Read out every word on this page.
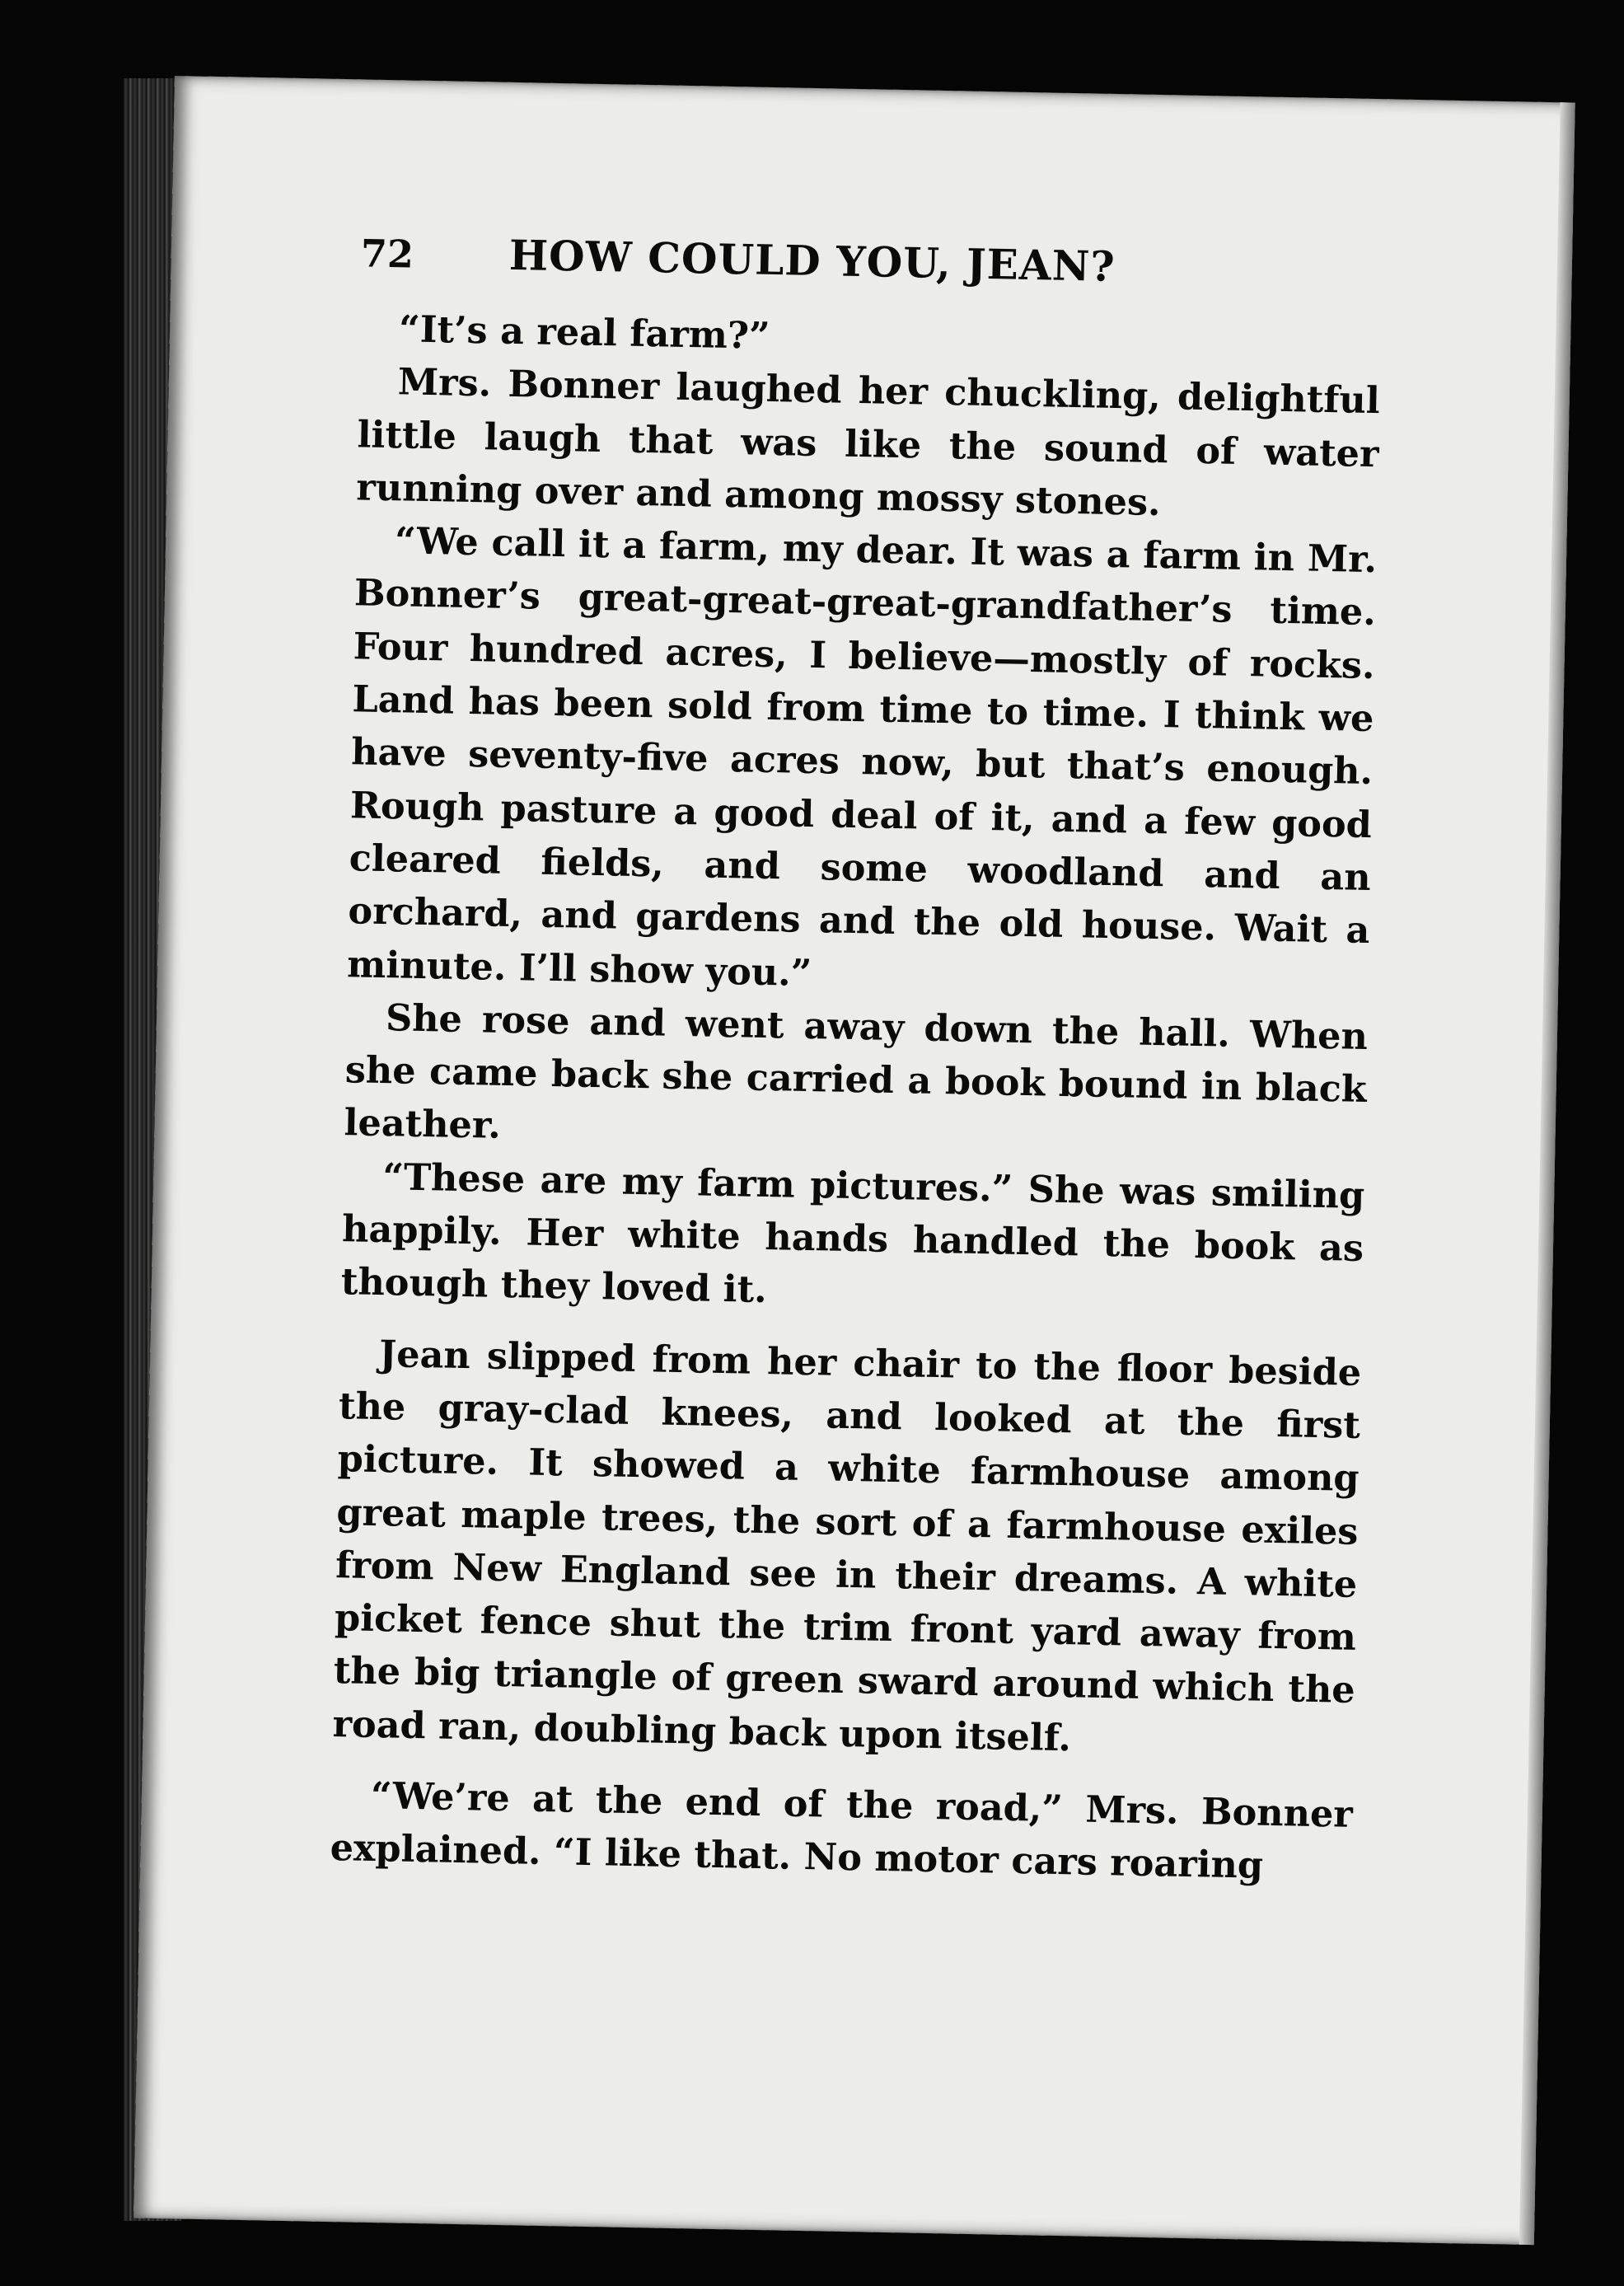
72	HOW COULD YOU, JEAN?

“It’s a real farm?”

Mrs. Bonner laughed her chuckling, delightful little laugh that was like the sound of water running over and among mossy stones.

“We call it a farm, my dear. It was a farm in Mr. Bonner’s great-great-great-grandfather’s time. Four hundred acres, I believe—mostly of rocks. Land has been sold from time to time. I think we have seventy-five acres now, but that’s enough. Rough pasture a good deal of it, and a few good cleared fields, and some woodland and an orchard, and gardens and the old house. Wait a minute. I’ll show you.”

She rose and went away down the hall. When she came back she carried a book bound in black leather.

“These are my farm pictures.” She was smiling happily. Her white hands handled the book as though they loved it.

Jean slipped from her chair to the floor beside the gray-clad knees, and looked at the first picture. It showed a white farmhouse among great maple trees, the sort of a farmhouse exiles from New England see in their dreams. A white picket fence shut the trim front yard away from the big triangle of green sward around which the road ran, doubling back upon itself.

“We’re at the end of the road,” Mrs. Bonner explained. “I like that. No motor cars roaring
